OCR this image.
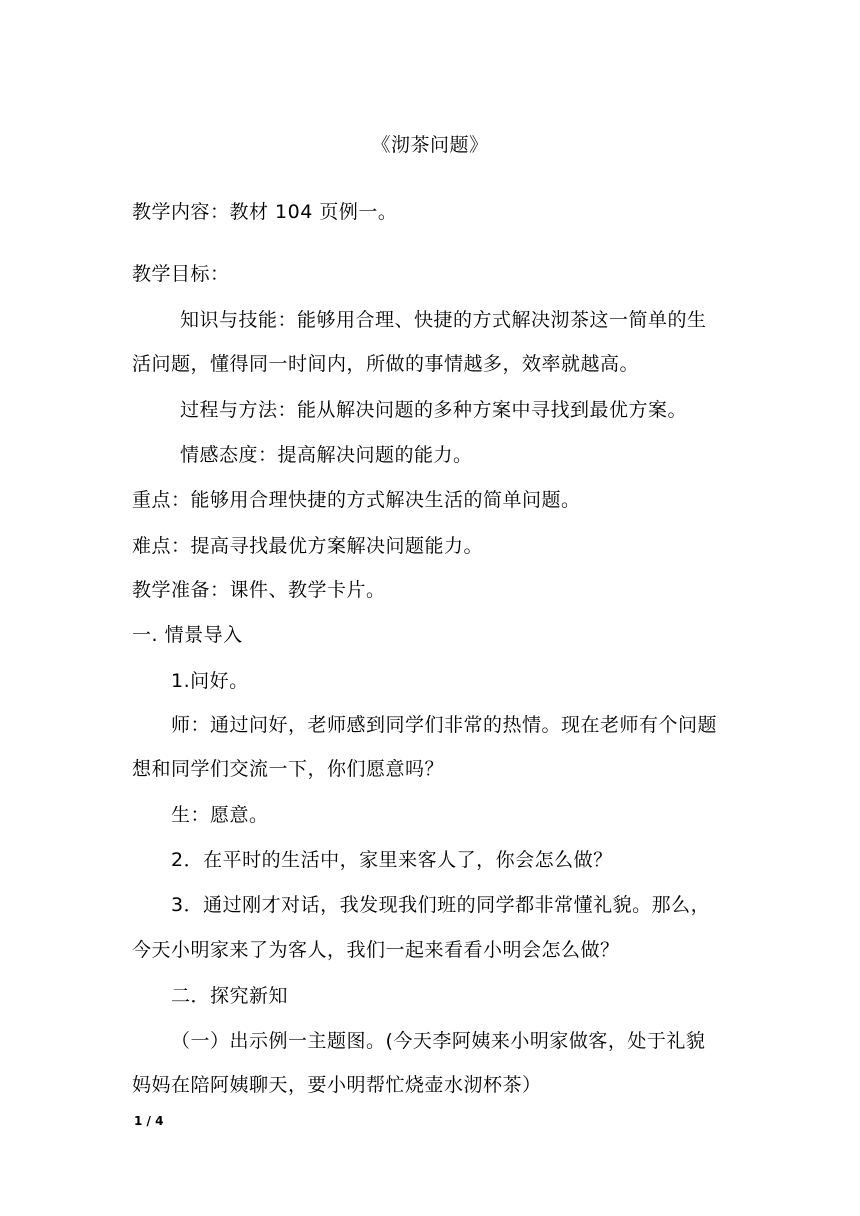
《沏茶问题》
教学内容：教材 104 页例一。
教学目标：
知识与技能：能够用合理、快捷的方式解决沏茶这一简单的生
活问题，懂得同一时间内，所做的事情越多，效率就越高。
过程与方法：能从解决问题的多种方案中寻找到最优方案。
情感态度：提高解决问题的能力。
重点：能够用合理快捷的方式解决生活的简单问题。
难点：提高寻找最优方案解决问题能力。
教学准备：课件、教学卡片。
一. 情景导入
1.问好。
师：通过问好，老师感到同学们非常的热情。现在老师有个问题
想和同学们交流一下，你们愿意吗？
生：愿意。
2．在平时的生活中，家里来客人了，你会怎么做？
3．通过刚才对话，我发现我们班的同学都非常懂礼貌。那么，
今天小明家来了为客人，我们一起来看看小明会怎么做？
二．探究新知
（一）出示例一主题图。(今天李阿姨来小明家做客，处于礼貌
妈妈在陪阿姨聊天，要小明帮忙烧壶水沏杯茶）
1 / 4
